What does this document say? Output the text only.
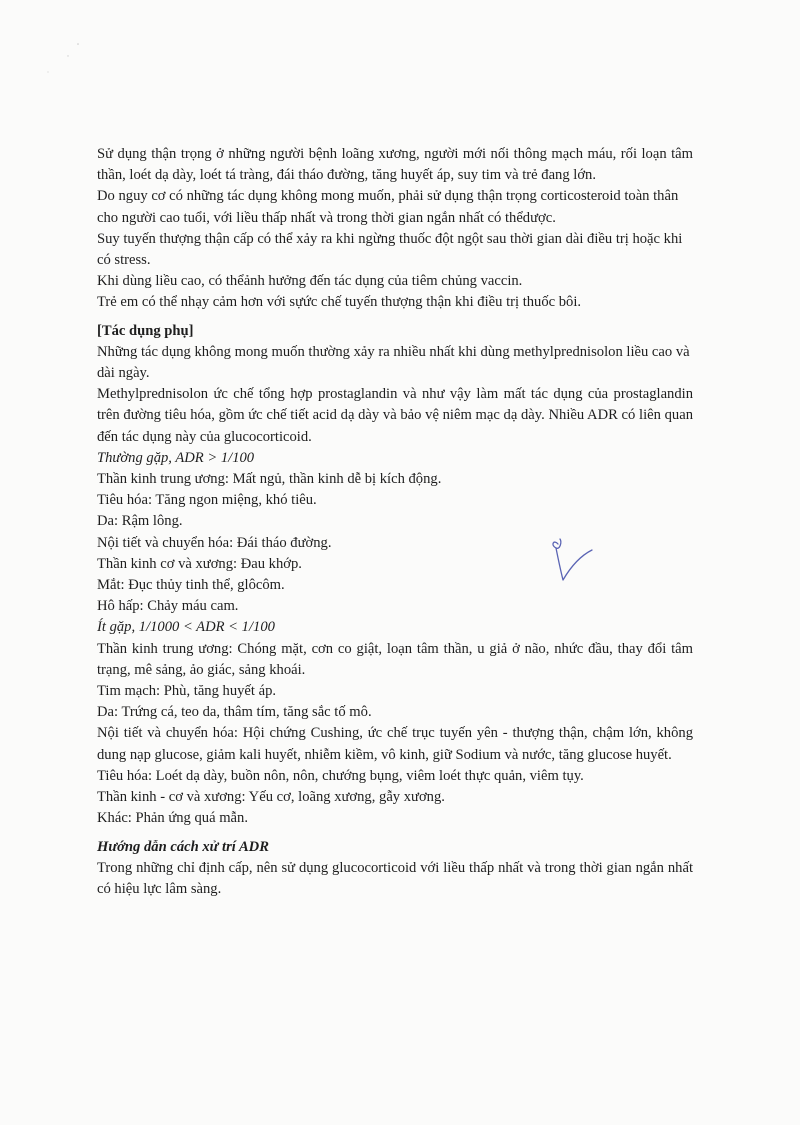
Sử dụng thận trọng ở những người bệnh loãng xương, người mới nối thông mạch máu, rối loạn tâm thần, loét dạ dày, loét tá tràng, đái tháo đường, tăng huyết áp, suy tim và trẻ đang lớn.

Do nguy cơ có những tác dụng không mong muốn, phải sử dụng thận trọng corticosteroid toàn thân cho người cao tuổi, với liều thấp nhất và trong thời gian ngắn nhất có thểdược.

Suy tuyến thượng thận cấp có thể xảy ra khi ngừng thuốc đột ngột sau thời gian dài điều trị hoặc khi có stress.

Khi dùng liều cao, có thểảnh hưởng đến tác dụng của tiêm chủng vaccin.

Trẻ em có thể nhạy cảm hơn với sựức chế tuyến thượng thận khi điều trị thuốc bôi.

[Tác dụng phụ]

Những tác dụng không mong muốn thường xảy ra nhiều nhất khi dùng methylprednisolon liều cao và dài ngày.

Methylprednisolon ức chế tổng hợp prostaglandin và như vậy làm mất tác dụng của prostaglandin trên đường tiêu hóa, gồm ức chế tiết acid dạ dày và bảo vệ niêm mạc dạ dày. Nhiều ADR có liên quan đến tác dụng này của glucocorticoid.

Thường gặp, ADR > 1/100

Thần kinh trung ương: Mất ngủ, thần kinh dễ bị kích động.

Tiêu hóa: Tăng ngon miệng, khó tiêu.

Da: Rậm lông.

Nội tiết và chuyển hóa: Đái tháo đường.

Thần kinh cơ và xương: Đau khớp.

Mắt: Đục thủy tinh thể, glôcôm.

Hô hấp: Chảy máu cam.

Ít gặp, 1/1000 < ADR < 1/100

Thần kinh trung ương: Chóng mặt, cơn co giật, loạn tâm thần, u giả ở não, nhức đầu, thay đổi tâm trạng, mê sảng, ảo giác, sảng khoái.

Tim mạch: Phù, tăng huyết áp.

Da: Trứng cá, teo da, thâm tím, tăng sắc tố mô.

Nội tiết và chuyển hóa: Hội chứng Cushing, ức chế trục tuyến yên - thượng thận, chậm lớn, không dung nạp glucose, giảm kali huyết, nhiễm kiềm, vô kinh, giữ Sodium và nước, tăng glucose huyết.

Tiêu hóa: Loét dạ dày, buồn nôn, nôn, chướng bụng, viêm loét thực quản, viêm tụy.

Thần kinh - cơ và xương: Yếu cơ, loãng xương, gẫy xương.

Khác: Phản ứng quá mẫn.

Hướng dẫn cách xử trí ADR

Trong những chỉ định cấp, nên sử dụng glucocorticoid với liều thấp nhất và trong thời gian ngắn nhất có hiệu lực lâm sàng.
